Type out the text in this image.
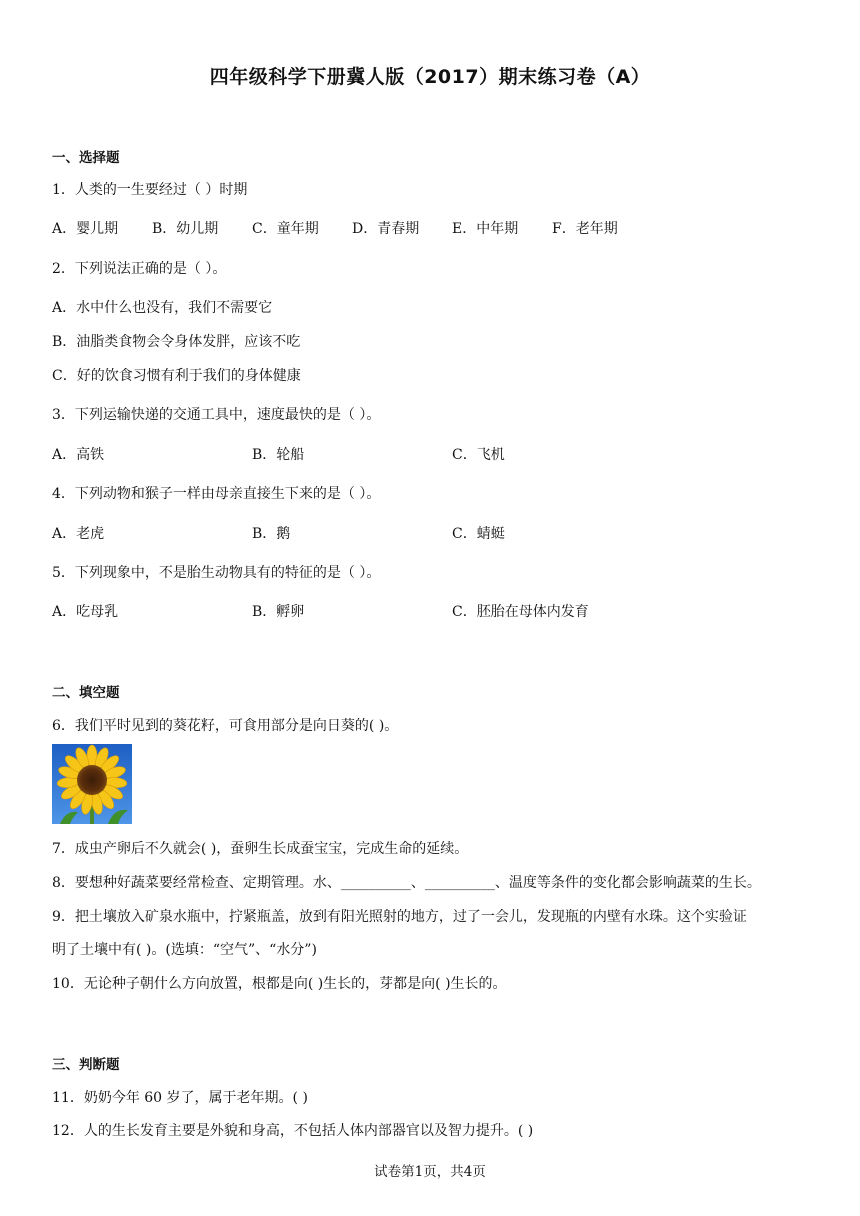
四年级科学下册冀人版（2017）期末练习卷（A）
一、选择题
1．人类的一生要经过（ ）时期
A．婴儿期 B．幼儿期 C．童年期 D．青春期 E．中年期 F．老年期
2．下列说法正确的是（ ）。
A．水中什么也没有，我们不需要它
B．油脂类食物会令身体发胖，应该不吃
C．好的饮食习惯有利于我们的身体健康
3．下列运输快递的交通工具中，速度最快的是（ ）。
A．高铁	B．轮船	C．飞机
4．下列动物和猴子一样由母亲直接生下来的是（ ）。
A．老虎	B．鹅	C．蜻蜓
5．下列现象中，不是胎生动物具有的特征的是（ ）。
A．吃母乳	B．孵卵	C．胚胎在母体内发育
二、填空题
6．我们平时见到的葵花籽，可食用部分是向日葵的( )。
7．成虫产卵后不久就会( )，蚕卵生长成蚕宝宝，完成生命的延续。
8．要想种好蔬菜要经常检查、定期管理。水、__________、__________、温度等条件的变化都会影响蔬菜的生长。
9．把土壤放入矿泉水瓶中，拧紧瓶盖，放到有阳光照射的地方，过了一会儿，发现瓶的内壁有水珠。这个实验证
明了土壤中有( )。(选填：“空气”、“水分”)
10．无论种子朝什么方向放置，根都是向( )生长的，芽都是向( )生长的。
三、判断题
11．奶奶今年 60 岁了，属于老年期。( )
12．人的生长发育主要是外貌和身高，不包括人体内部器官以及智力提升。( )
试卷第1页，共4页
